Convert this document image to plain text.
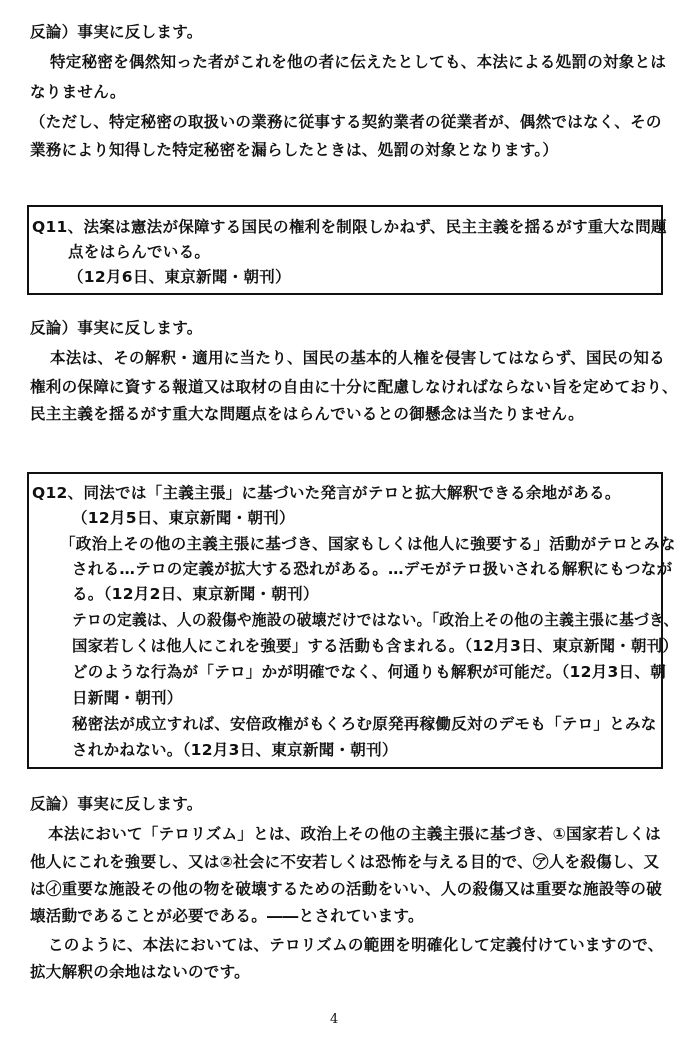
反論）事実に反します。
特定秘密を偶然知った者がこれを他の者に伝えたとしても、本法による処罰の対象とは
なりません。
（ただし、特定秘密の取扱いの業務に従事する契約業者の従業者が、偶然ではなく、その
業務により知得した特定秘密を漏らしたときは、処罰の対象となります。）
Q11、法案は憲法が保障する国民の権利を制限しかねず、民主主義を揺るがす重大な問題
点をはらんでいる。
（12月6日、東京新聞・朝刊）
反論）事実に反します。
本法は、その解釈・適用に当たり、国民の基本的人権を侵害してはならず、国民の知る
権利の保障に資する報道又は取材の自由に十分に配慮しなければならない旨を定めており、
民主主義を揺るがす重大な問題点をはらんでいるとの御懸念は当たりません。
Q12、同法では「主義主張」に基づいた発言がテロと拡大解釈できる余地がある。
（12月5日、東京新聞・朝刊）
「政治上その他の主義主張に基づき、国家もしくは他人に強要する」活動がテロとみな
される…テロの定義が拡大する恐れがある。…デモがテロ扱いされる解釈にもつなが
る。（12月2日、東京新聞・朝刊）
テロの定義は、人の殺傷や施設の破壊だけではない。「政治上その他の主義主張に基づき、
国家若しくは他人にこれを強要」する活動も含まれる。（12月3日、東京新聞・朝刊）
どのような行為が「テロ」かが明確でなく、何通りも解釈が可能だ。（12月3日、朝
日新聞・朝刊）
秘密法が成立すれば、安倍政権がもくろむ原発再稼働反対のデモも「テロ」とみな
されかねない。（12月3日、東京新聞・朝刊）
反論）事実に反します。
本法において「テロリズム」とは、政治上その他の主義主張に基づき、①国家若しくは
他人にこれを強要し、又は②社会に不安若しくは恐怖を与える目的で、㋐人を殺傷し、又
は㋑重要な施設その他の物を破壊するための活動をいい、人の殺傷又は重要な施設等の破
壊活動であることが必要である。――とされています。
このように、本法においては、テロリズムの範囲を明確化して定義付けていますので、
拡大解釈の余地はないのです。
4
